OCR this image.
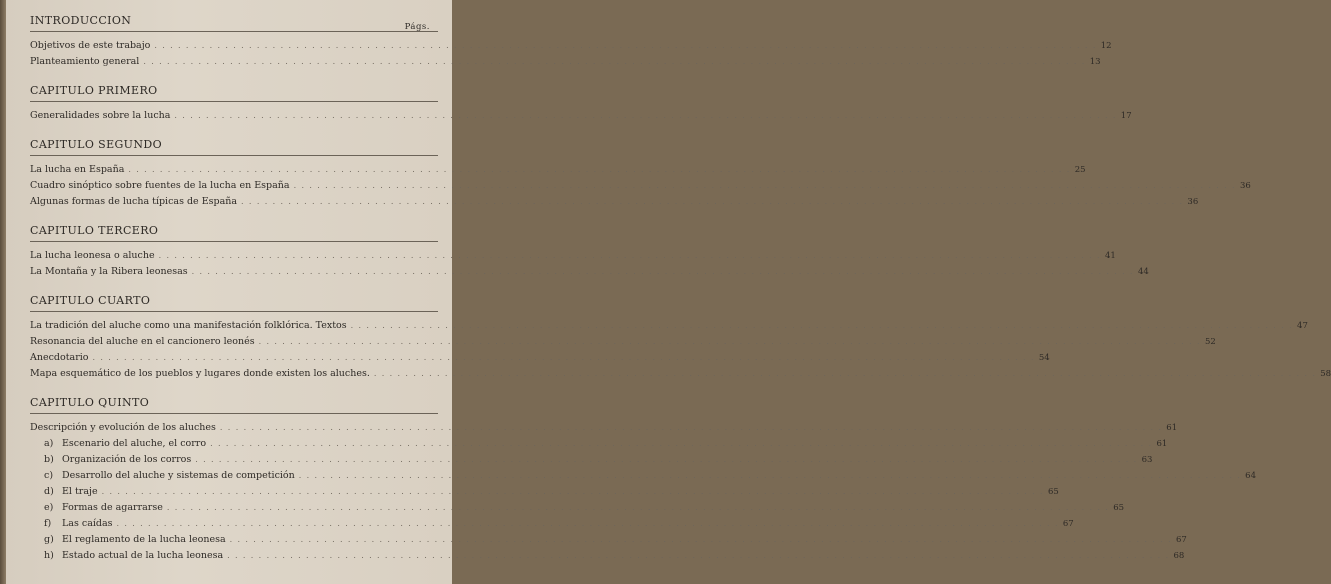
Págs.
INTRODUCCION
Objetivos de este trabajo . . . . . . . . . . . . . . . . . . . . . . . . . . . . . . . . . . . . . . . . . . . . . . . . . . . . . . . . . . . . . . . . . . . . . . . . . . . . . . . . . . . . . . . . . . . . . . . . . . . . . . . . . . . . . . . . . . . . . . . . 12
Planteamiento general . . . . . . . . . . . . . . . . . . . . . . . . . . . . . . . . . . . . . . . . . . . . . . . . . . . . . . . . . . . . . . . . . . . . . . . . . . . . . . . . . . . . . . . . . . . . . . . . . . . . . . . . . . . . . . . . . . . . . . . . 13
CAPITULO PRIMERO
Generalidades sobre la lucha . . . . . . . . . . . . . . . . . . . . . . . . . . . . . . . . . . . . . . . . . . . . . . . . . . . . . . . . . . . . . . . . . . . . . . . . . . . . . . . . . . . . . . . . . . . . . . . . . . . . . . . . . . . . . . . . . . . . . . . . 17
CAPITULO SEGUNDO
La lucha en España . . . . . . . . . . . . . . . . . . . . . . . . . . . . . . . . . . . . . . . . . . . . . . . . . . . . . . . . . . . . . . . . . . . . . . . . . . . . . . . . . . . . . . . . . . . . . . . . . . . . . . . . . . . . . . . . . . . . . . . . 25
Cuadro sinóptico sobre fuentes de la lucha en España . . . . . . . . . . . . . . . . . . . . . . . . . . . . . . . . . . . . . . . . . . . . . . . . . . . . . . . . . . . . . . . . . . . . . . . . . . . . . . . . . . . . . . . . . . . . . . . . . . . . . . . . . . . . . . . . . . . . . . . . 36
Algunas formas de lucha típicas de España . . . . . . . . . . . . . . . . . . . . . . . . . . . . . . . . . . . . . . . . . . . . . . . . . . . . . . . . . . . . . . . . . . . . . . . . . . . . . . . . . . . . . . . . . . . . . . . . . . . . . . . . . . . . . . . . . . . . . . . . 36
CAPITULO TERCERO
La lucha leonesa o aluche . . . . . . . . . . . . . . . . . . . . . . . . . . . . . . . . . . . . . . . . . . . . . . . . . . . . . . . . . . . . . . . . . . . . . . . . . . . . . . . . . . . . . . . . . . . . . . . . . . . . . . . . . . . . . . . . . . . . . . . . 41
La Montaña y la Ribera leonesas . . . . . . . . . . . . . . . . . . . . . . . . . . . . . . . . . . . . . . . . . . . . . . . . . . . . . . . . . . . . . . . . . . . . . . . . . . . . . . . . . . . . . . . . . . . . . . . . . . . . . . . . . . . . . . . . . . . . . . . . 44
CAPITULO CUARTO
La tradición del aluche como una manifestación folklórica. Textos . . . . . . . . . . . . . . . . . . . . . . . . . . . . . . . . . . . . . . . . . . . . . . . . . . . . . . . . . . . . . . . . . . . . . . . . . . . . . . . . . . . . . . . . . . . . . . . . . . . . . . . . . . . . . . . . . . . . . . . . 47
Resonancia del aluche en el cancionero leonés . . . . . . . . . . . . . . . . . . . . . . . . . . . . . . . . . . . . . . . . . . . . . . . . . . . . . . . . . . . . . . . . . . . . . . . . . . . . . . . . . . . . . . . . . . . . . . . . . . . . . . . . . . . . . . . . . . . . . . . . 52
Anecdotario . . . . . . . . . . . . . . . . . . . . . . . . . . . . . . . . . . . . . . . . . . . . . . . . . . . . . . . . . . . . . . . . . . . . . . . . . . . . . . . . . . . . . . . . . . . . . . . . . . . . . . . . . . . . . . . . . . . . . . . . 54
Mapa esquemático de los pueblos y lugares donde existen los aluches. . . . . . . . . . . . . . . . . . . . . . . . . . . . . . . . . . . . . . . . . . . . . . . . . . . . . . . . . . . . . . . . . . . . . . . . . . . . . . . . . . . . . . . . . . . . . . . . . . . . . . . . . . . . . . . . . . . . . . . . . 58
CAPITULO QUINTO
Descripción y evolución de los aluches . . . . . . . . . . . . . . . . . . . . . . . . . . . . . . . . . . . . . . . . . . . . . . . . . . . . . . . . . . . . . . . . . . . . . . . . . . . . . . . . . . . . . . . . . . . . . . . . . . . . . . . . . . . . . . . . . . . . . . . . 61
a) Escenario del aluche, el corro . . . . . . . . . . . . . . . . . . . . . . . . . . . . . . . . . . . . . . . . . . . . . . . . . . . . . . . . . . . . . . . . . . . . . . . . . . . . . . . . . . . . . . . . . . . . . . . . . . . . . . . . . . . . . . . . . . . . . . . . 61
b) Organización de los corros . . . . . . . . . . . . . . . . . . . . . . . . . . . . . . . . . . . . . . . . . . . . . . . . . . . . . . . . . . . . . . . . . . . . . . . . . . . . . . . . . . . . . . . . . . . . . . . . . . . . . . . . . . . . . . . . . . . . . . . . 63
c) Desarrollo del aluche y sistemas de competición . . . . . . . . . . . . . . . . . . . . . . . . . . . . . . . . . . . . . . . . . . . . . . . . . . . . . . . . . . . . . . . . . . . . . . . . . . . . . . . . . . . . . . . . . . . . . . . . . . . . . . . . . . . . . . . . . . . . . . . . 64
d) El traje . . . . . . . . . . . . . . . . . . . . . . . . . . . . . . . . . . . . . . . . . . . . . . . . . . . . . . . . . . . . . . . . . . . . . . . . . . . . . . . . . . . . . . . . . . . . . . . . . . . . . . . . . . . . . . . . . . . . . . . . 65
e) Formas de agarrarse . . . . . . . . . . . . . . . . . . . . . . . . . . . . . . . . . . . . . . . . . . . . . . . . . . . . . . . . . . . . . . . . . . . . . . . . . . . . . . . . . . . . . . . . . . . . . . . . . . . . . . . . . . . . . . . . . . . . . . . . 65
f) Las caídas . . . . . . . . . . . . . . . . . . . . . . . . . . . . . . . . . . . . . . . . . . . . . . . . . . . . . . . . . . . . . . . . . . . . . . . . . . . . . . . . . . . . . . . . . . . . . . . . . . . . . . . . . . . . . . . . . . . . . . . . 67
g) El reglamento de la lucha leonesa . . . . . . . . . . . . . . . . . . . . . . . . . . . . . . . . . . . . . . . . . . . . . . . . . . . . . . . . . . . . . . . . . . . . . . . . . . . . . . . . . . . . . . . . . . . . . . . . . . . . . . . . . . . . . . . . . . . . . . . . 67
h) Estado actual de la lucha leonesa . . . . . . . . . . . . . . . . . . . . . . . . . . . . . . . . . . . . . . . . . . . . . . . . . . . . . . . . . . . . . . . . . . . . . . . . . . . . . . . . . . . . . . . . . . . . . . . . . . . . . . . . . . . . . . . . . . . . . . . . 68
